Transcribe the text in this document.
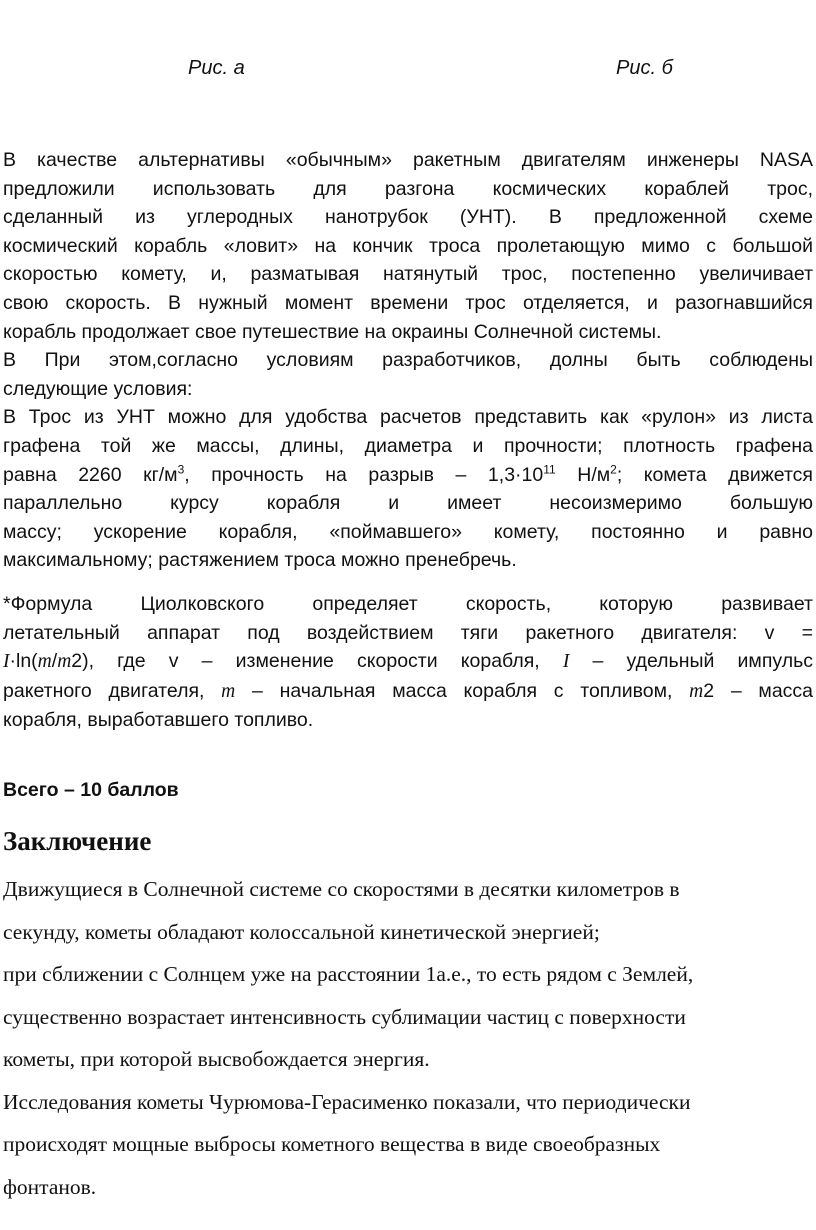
Рис. а	Рис. б

В качестве альтернативы «обычным» ракетным двигателям инженеры NASA

предложили использовать для разгона космических кораблей трос,

сделанный из углеродных нанотрубок (УНТ). В предложенной схеме

космический корабль «ловит» на кончик троса пролетающую мимо с большой

скоростью комету, и, разматывая натянутый трос, постепенно увеличивает

свою скорость. В нужный момент времени трос отделяется, и разогнавшийся

корабль продолжает свое путешествие на окраины Солнечной системы.

В При этом,согласно условиям разработчиков, долны быть соблюдены

следующие условия:

В Трос из УНТ можно для удобства расчетов представить как «рулон» из листа

графена той же массы, длины, диаметра и прочности; плотность графена

равна 2260 $кг/м^3$, прочность на разрыв – $1,3\cdot 10^{11}$ $Н/м^2$; комета движется

параллельно курсу корабля и имеет несоизмеримо большую

массу; ускорение корабля, «поймавшего» комету, постоянно и равно

максимальному; растяжением троса можно пренебречь.

*Формула Циолковского определяет скорость, которую развивает

летательный аппарат под воздействием тяги ракетного двигателя: v =

I·ln(m/m2), где v – изменение скорости корабля, I – удельный импульс

ракетного двигателя, m – начальная масса корабля с топливом, m2 – масса

корабля, выработавшего топливо.

Всего – 10 баллов
Заключение

Движущиеся в Солнечной системе со скоростями в десятки километров в

секунду, кометы обладают колоссальной кинетической энергией;

при сближении с Солнцем уже на расстоянии 1а.е., то есть рядом с Землей,

существенно возрастает интенсивность сублимации частиц с поверхности

кометы, при которой высвобождается энергия.

Исследования кометы Чурюмова-Герасименко показали, что периодически

происходят мощные выбросы кометного вещества в виде своеобразных

фонтанов.
